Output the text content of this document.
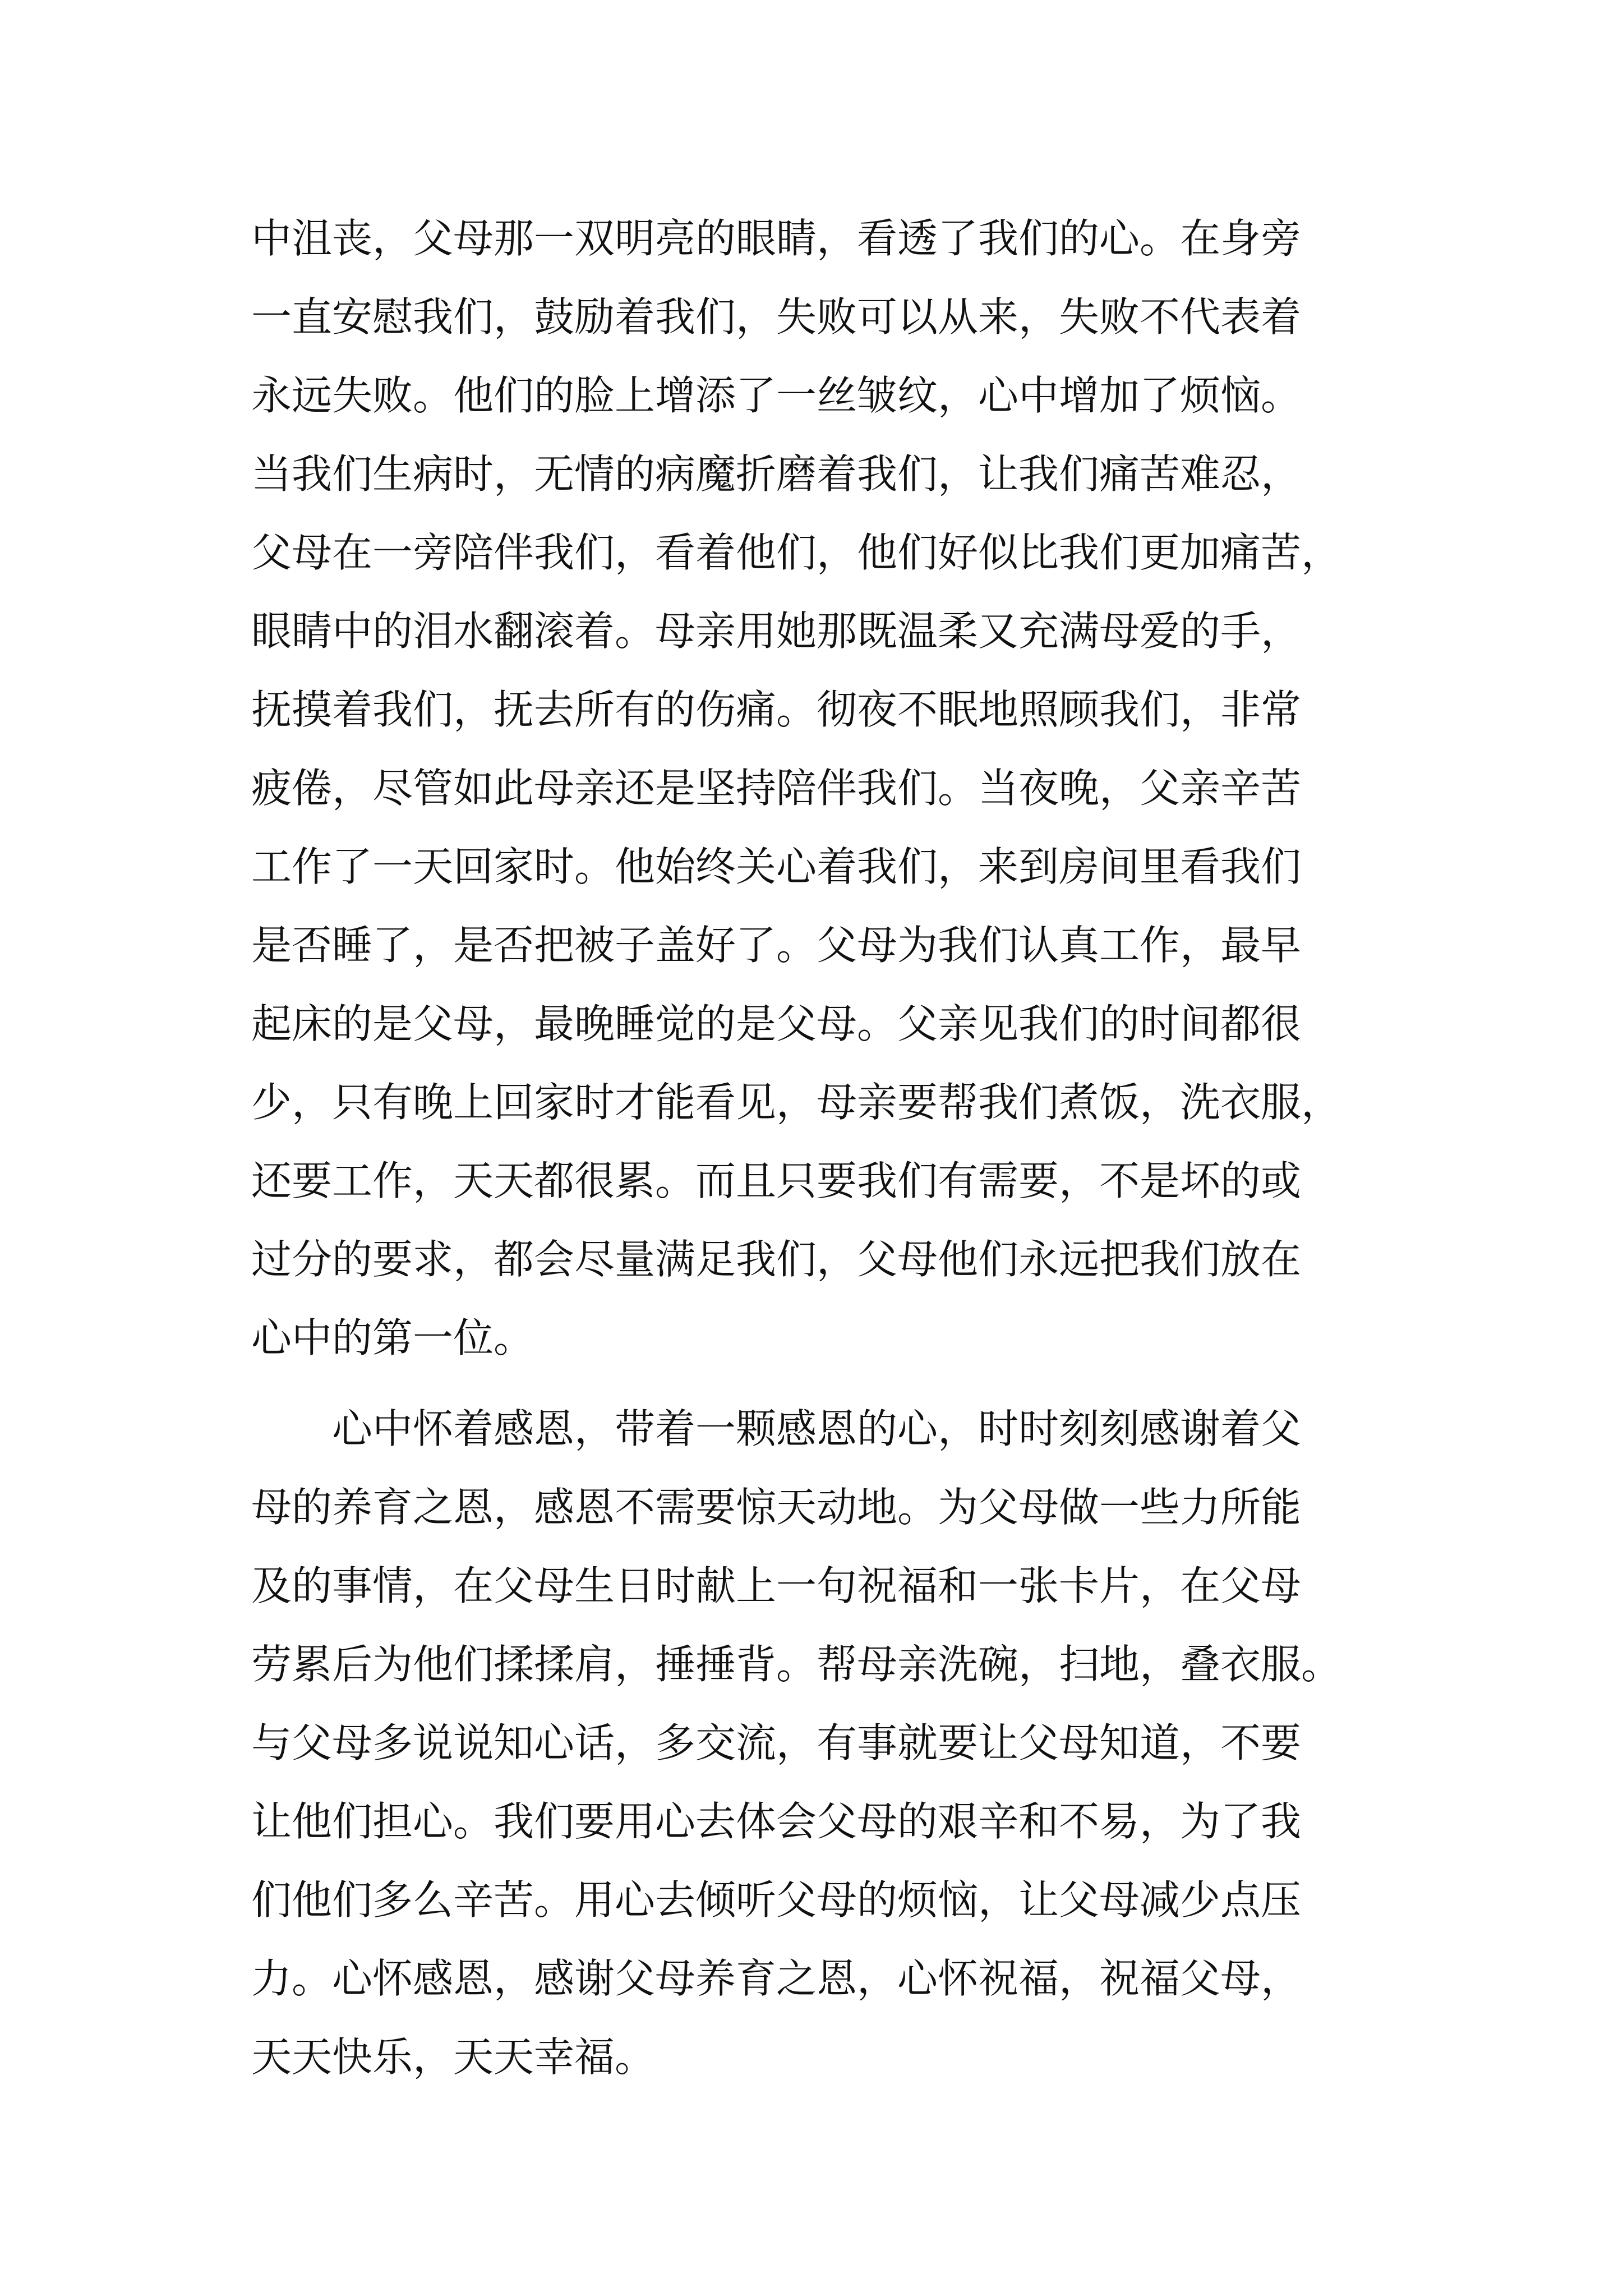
中沮丧，父母那一双明亮的眼睛，看透了我们的心。在身旁
一直安慰我们，鼓励着我们，失败可以从来，失败不代表着
永远失败。他们的脸上增添了一丝皱纹，心中增加了烦恼。
当我们生病时，无情的病魔折磨着我们，让我们痛苦难忍，
父母在一旁陪伴我们，看着他们，他们好似比我们更加痛苦，
眼睛中的泪水翻滚着。母亲用她那既温柔又充满母爱的手，
抚摸着我们，抚去所有的伤痛。彻夜不眠地照顾我们，非常
疲倦，尽管如此母亲还是坚持陪伴我们。当夜晚，父亲辛苦
工作了一天回家时。他始终关心着我们，来到房间里看我们
是否睡了，是否把被子盖好了。父母为我们认真工作，最早
起床的是父母，最晚睡觉的是父母。父亲见我们的时间都很
少，只有晚上回家时才能看见，母亲要帮我们煮饭，洗衣服，
还要工作，天天都很累。而且只要我们有需要，不是坏的或
过分的要求，都会尽量满足我们，父母他们永远把我们放在
心中的第一位。
　　心中怀着感恩，带着一颗感恩的心，时时刻刻感谢着父
母的养育之恩，感恩不需要惊天动地。为父母做一些力所能
及的事情，在父母生日时献上一句祝福和一张卡片，在父母
劳累后为他们揉揉肩，捶捶背。帮母亲洗碗，扫地，叠衣服。
与父母多说说知心话，多交流，有事就要让父母知道，不要
让他们担心。我们要用心去体会父母的艰辛和不易，为了我
们他们多么辛苦。用心去倾听父母的烦恼，让父母减少点压
力。心怀感恩，感谢父母养育之恩，心怀祝福，祝福父母，
天天快乐，天天幸福。
